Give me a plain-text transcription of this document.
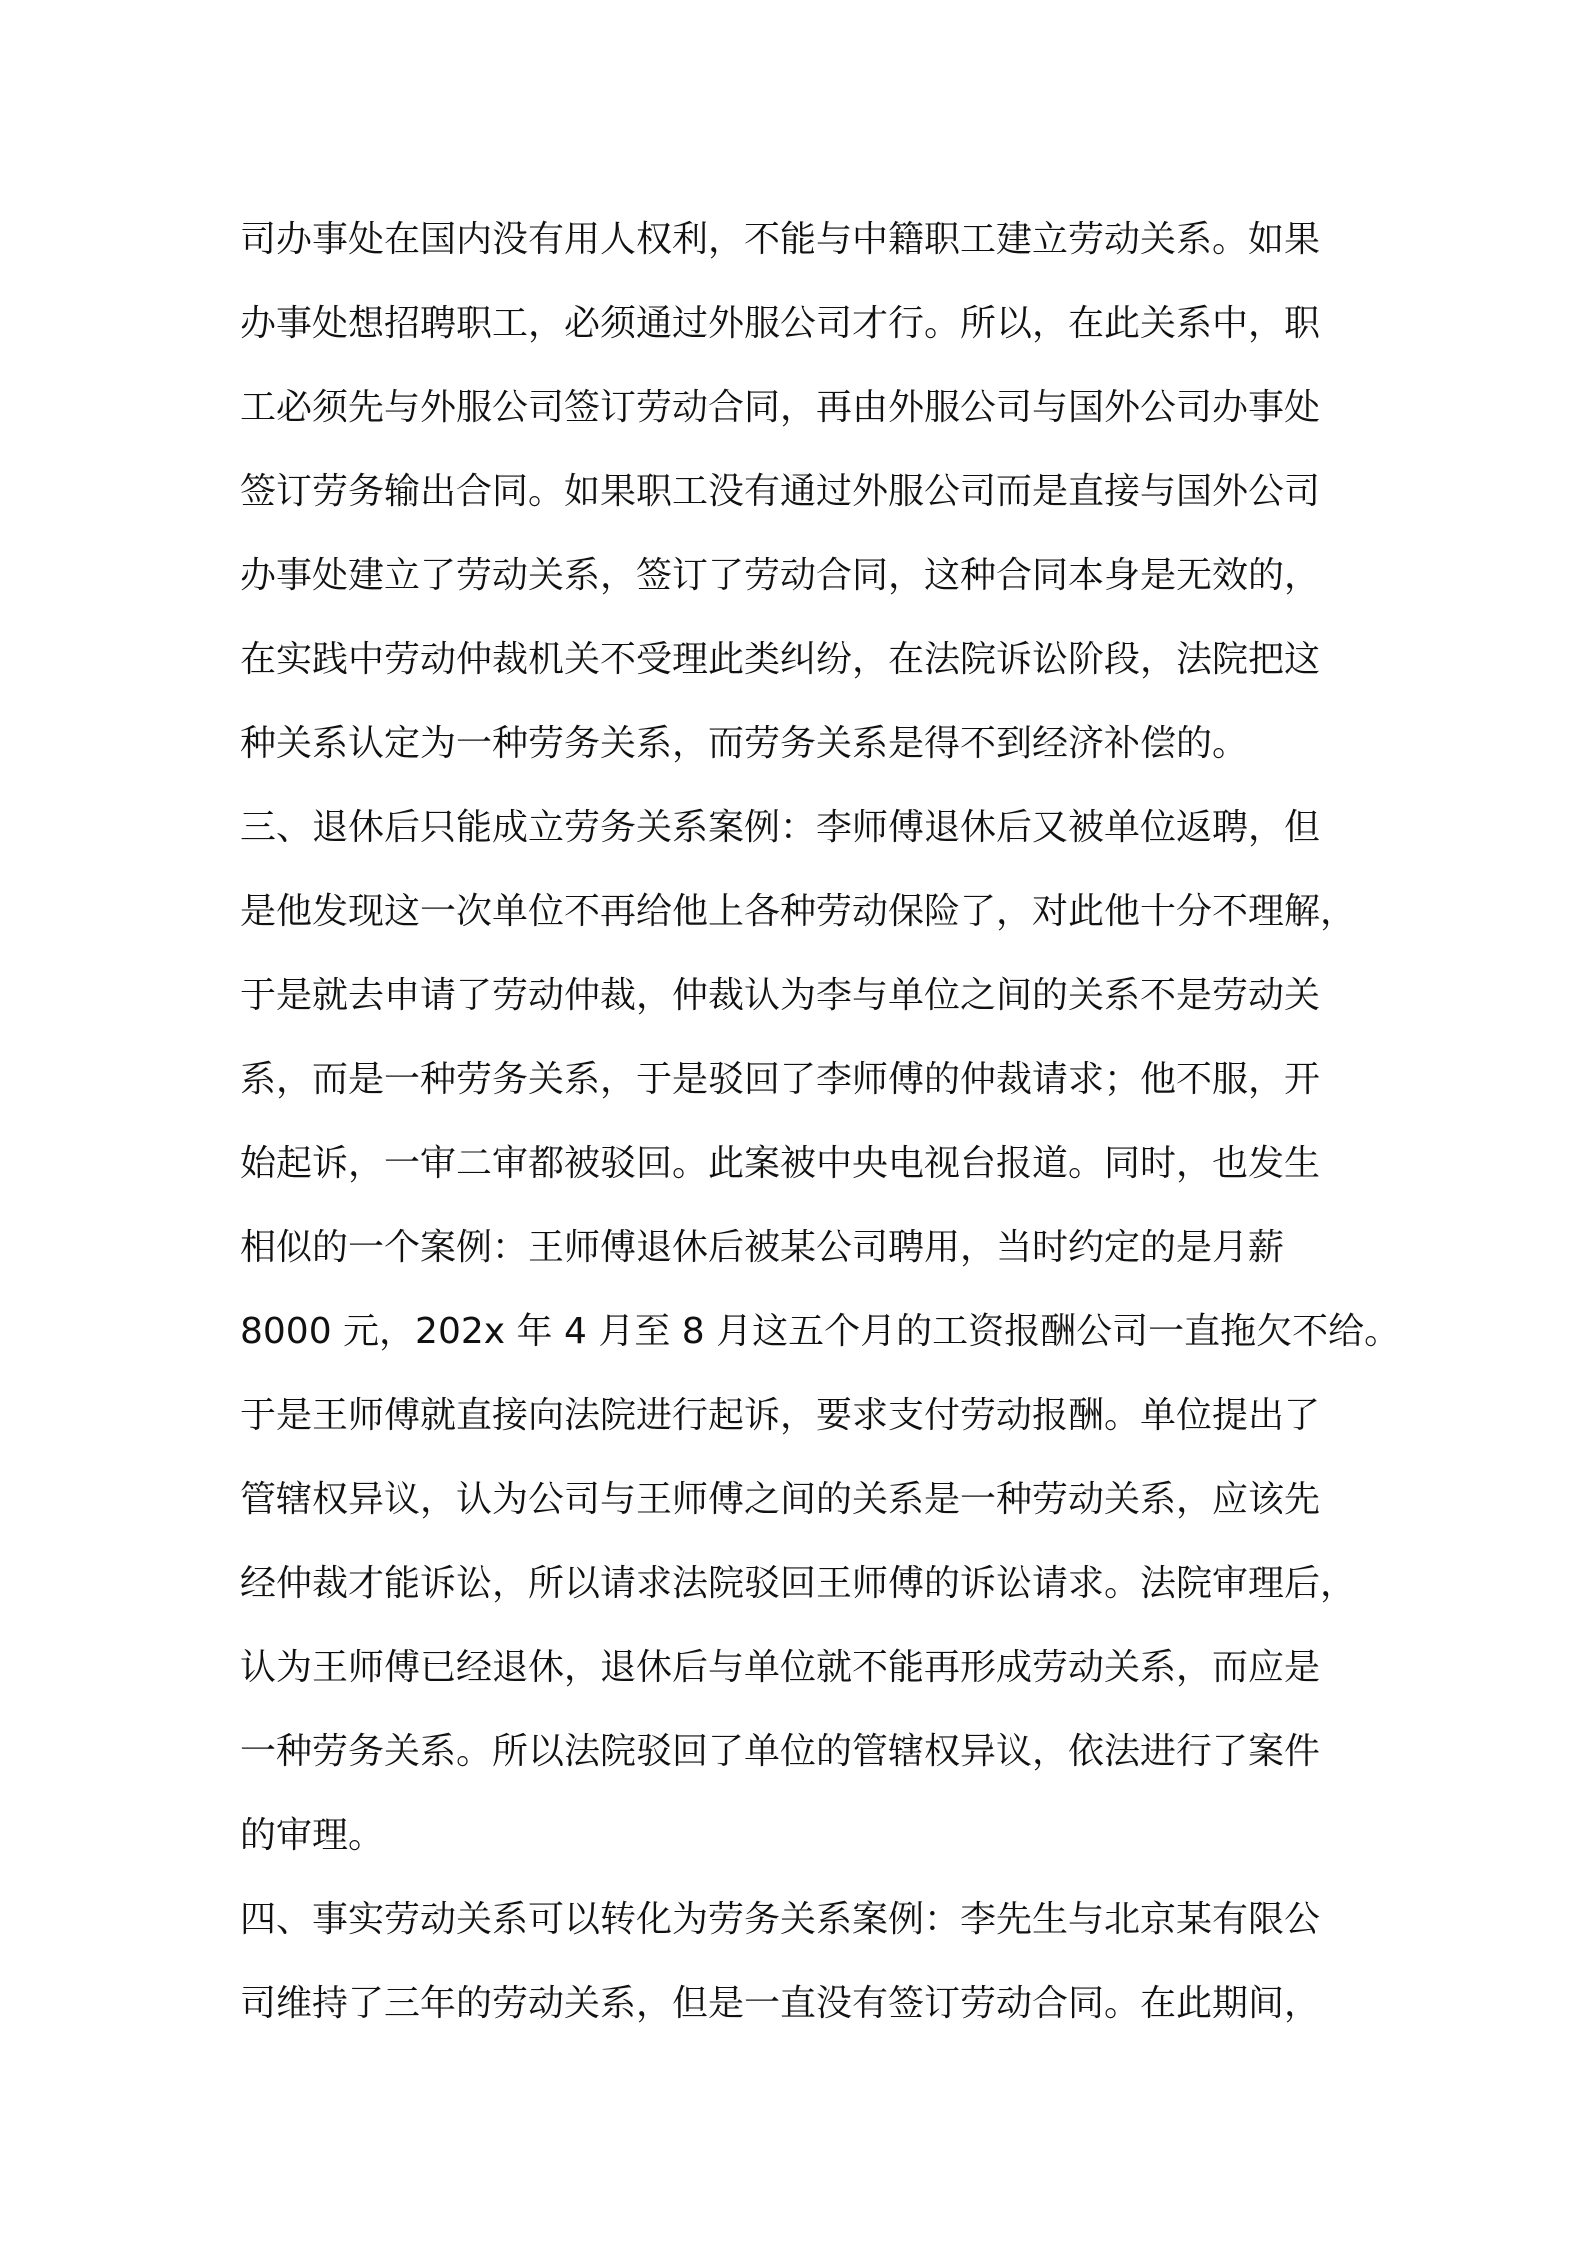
司办事处在国内没有用人权利，不能与中籍职工建立劳动关系。如果
办事处想招聘职工，必须通过外服公司才行。所以，在此关系中，职
工必须先与外服公司签订劳动合同，再由外服公司与国外公司办事处
签订劳务输出合同。如果职工没有通过外服公司而是直接与国外公司
办事处建立了劳动关系，签订了劳动合同，这种合同本身是无效的，
在实践中劳动仲裁机关不受理此类纠纷，在法院诉讼阶段，法院把这
种关系认定为一种劳务关系，而劳务关系是得不到经济补偿的。
三、退休后只能成立劳务关系案例：李师傅退休后又被单位返聘，但
是他发现这一次单位不再给他上各种劳动保险了，对此他十分不理解，
于是就去申请了劳动仲裁，仲裁认为李与单位之间的关系不是劳动关
系，而是一种劳务关系，于是驳回了李师傅的仲裁请求；他不服，开
始起诉，一审二审都被驳回。此案被中央电视台报道。同时，也发生
相似的一个案例：王师傅退休后被某公司聘用，当时约定的是月薪
8000 元，202x 年 4 月至 8 月这五个月的工资报酬公司一直拖欠不给。
于是王师傅就直接向法院进行起诉，要求支付劳动报酬。单位提出了
管辖权异议，认为公司与王师傅之间的关系是一种劳动关系，应该先
经仲裁才能诉讼，所以请求法院驳回王师傅的诉讼请求。法院审理后，
认为王师傅已经退休，退休后与单位就不能再形成劳动关系，而应是
一种劳务关系。所以法院驳回了单位的管辖权异议，依法进行了案件
的审理。
四、事实劳动关系可以转化为劳务关系案例：李先生与北京某有限公
司维持了三年的劳动关系，但是一直没有签订劳动合同。在此期间，
